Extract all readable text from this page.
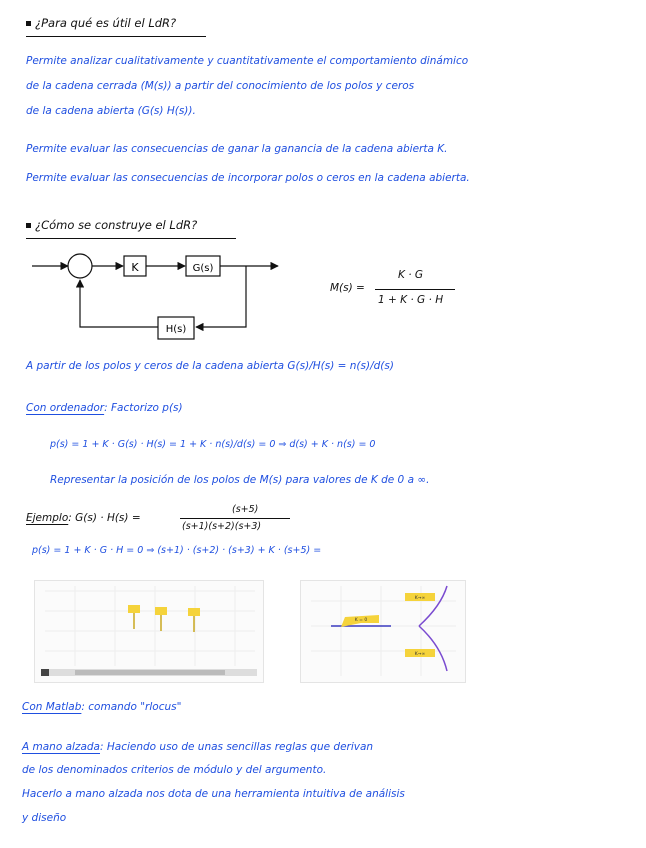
¿Para qué es útil el LdR?
Permite analizar cualitativamente y cuantitativamente el comportamiento dinámico
de la cadena cerrada (M(s)) a partir del conocimiento de los polos y ceros
de la cadena abierta (G(s) H(s)).
Permite evaluar las consecuencias de ganar la ganancia de la cadena abierta K.
Permite evaluar las consecuencias de incorporar polos o ceros en la cadena abierta.
¿Cómo se construye el LdR?
K	G(s)
H(s)
M(s) =
K · G
1 + K · G · H
A partir de los polos y ceros de la cadena abierta G(s)/H(s) = n(s)/d(s)
Con ordenador: Factorizo p(s)
p(s) = 1 + K · G(s) · H(s) = 1 + K · n(s)/d(s) = 0 ⇒ d(s) + K · n(s) = 0
Representar la posición de los polos de M(s) para valores de K de 0 a ∞.
Ejemplo: G(s) · H(s) =
(s+5)
(s+1)(s+2)(s+3)
p(s) = 1 + K · G · H = 0 ⇒ (s+1) · (s+2) · (s+3) + K · (s+5) =
K = 0
K→∞
K→∞
Con Matlab: comando "rlocus"
A mano alzada: Haciendo uso de unas sencillas reglas que derivan
de los denominados criterios de módulo y del argumento.
Hacerlo a mano alzada nos dota de una herramienta intuitiva de análisis
y diseño
